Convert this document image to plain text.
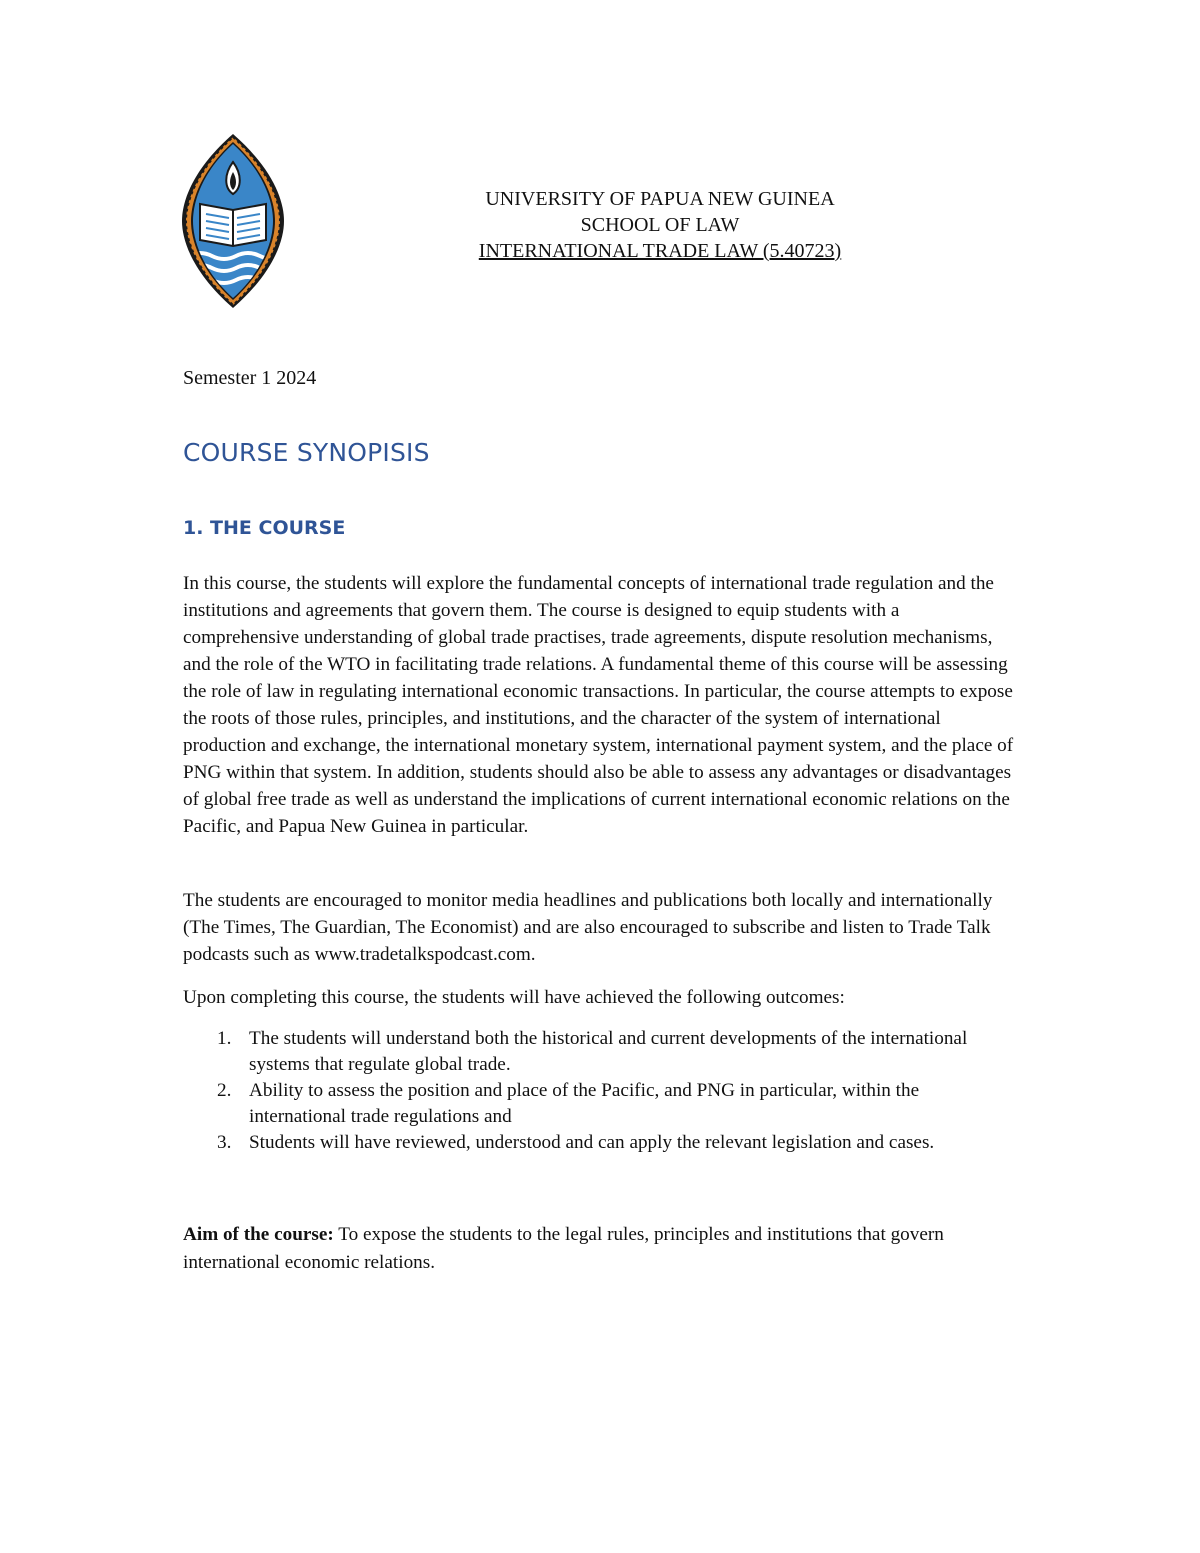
UNIVERSITY OF PAPUA NEW GUINEA
SCHOOL OF LAW
INTERNATIONAL TRADE LAW (5.40723)
Semester 1 2024
COURSE SYNOPISIS
1. THE COURSE

In this course, the students will explore the fundamental concepts of international trade regulation and the institutions and agreements that govern them. The course is designed to equip students with a comprehensive understanding of global trade practises, trade agreements, dispute resolution mechanisms, and the role of the WTO in facilitating trade relations. A fundamental theme of this course will be assessing the role of law in regulating international economic transactions. In particular, the course attempts to expose the roots of those rules, principles, and institutions, and the character of the system of international production and exchange, the international monetary system, international payment system, and the place of PNG within that system. In addition, students should also be able to assess any advantages or disadvantages of global free trade as well as understand the implications of current international economic relations on the Pacific, and Papua New Guinea in particular.

The students are encouraged to monitor media headlines and publications both locally and internationally (The Times, The Guardian, The Economist) and are also encouraged to subscribe and listen to Trade Talk podcasts such as www.tradetalkspodcast.com.

Upon completing this course, the students will have achieved the following outcomes:

1. The students will understand both the historical and current developments of the international systems that regulate global trade.
2. Ability to assess the position and place of the Pacific, and PNG in particular, within the international trade regulations and
3. Students will have reviewed, understood and can apply the relevant legislation and cases.

Aim of the course: To expose the students to the legal rules, principles and institutions that govern international economic relations.
